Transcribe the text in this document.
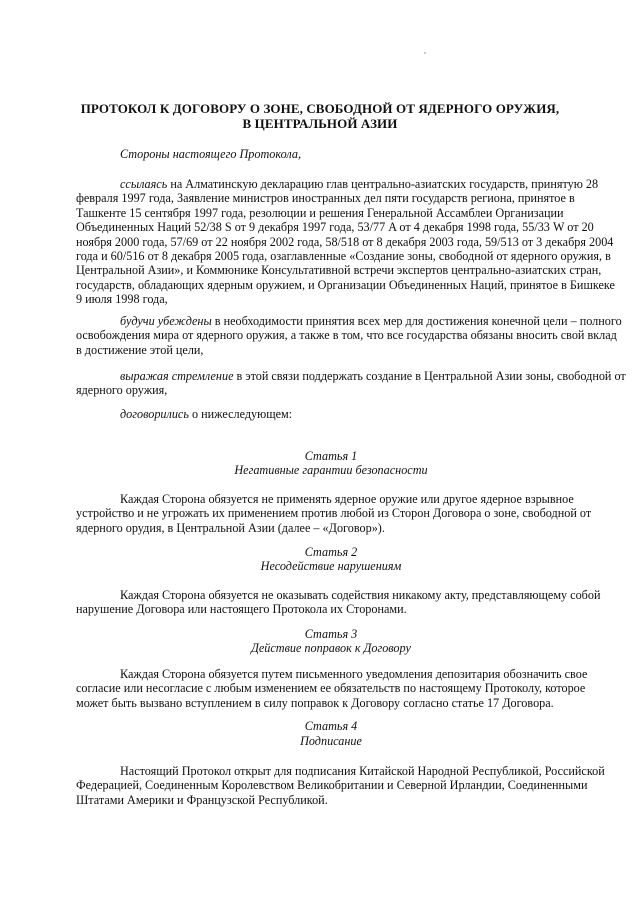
ПРОТОКОЛ К ДОГОВОРУ О ЗОНЕ, СВОБОДНОЙ ОТ ЯДЕРНОГО ОРУЖИЯ,
В ЦЕНТРАЛЬНОЙ АЗИИ
Стороны настоящего Протокола,
ссылаясь на Алматинскую декларацию глав центрально-азиатских государств, принятую 28
февраля 1997 года, Заявление министров иностранных дел пяти государств региона, принятое в
Ташкенте 15 сентября 1997 года, резолюции и решения Генеральной Ассамблеи Организации
Объединенных Наций 52/38 S от 9 декабря 1997 года, 53/77 A от 4 декабря 1998 года, 55/33 W от 20
ноября 2000 года, 57/69 от 22 ноября 2002 года, 58/518 от 8 декабря 2003 года, 59/513 от 3 декабря 2004
года и 60/516 от 8 декабря 2005 года, озаглавленные «Создание зоны, свободной от ядерного оружия, в
Центральной Азии», и Коммюнике Консультативной встречи экспертов центрально-азиатских стран,
государств, обладающих ядерным оружием, и Организации Объединенных Наций, принятое в Бишкеке
9 июля 1998 года,
будучи убеждены в необходимости принятия всех мер для достижения конечной цели – полного
освобождения мира от ядерного оружия, а также в том, что все государства обязаны вносить свой вклад
в достижение этой цели,
выражая стремление в этой связи поддержать создание в Центральной Азии зоны, свободной от
ядерного оружия,
договорились о нижеследующем:
Статья 1
Негативные гарантии безопасности
Каждая Сторона обязуется не применять ядерное оружие или другое ядерное взрывное
устройство и не угрожать их применением против любой из Сторон Договора о зоне, свободной от
ядерного орудия, в Центральной Азии (далее – «Договор»).
Статья 2
Несодействие нарушениям
Каждая Сторона обязуется не оказывать содействия никакому акту, представляющему собой
нарушение Договора или настоящего Протокола их Сторонами.
Статья 3
Действие поправок к Договору
Каждая Сторона обязуется путем письменного уведомления депозитария обозначить свое
согласие или несогласие с любым изменением ее обязательств по настоящему Протоколу, которое
может быть вызвано вступлением в силу поправок к Договору согласно статье 17 Договора.
Статья 4
Подписание
Настоящий Протокол открыт для подписания Китайской Народной Республикой, Российской
Федерацией, Соединенным Королевством Великобритании и Северной Ирландии, Соединенными
Штатами Америки и Французской Республикой.
